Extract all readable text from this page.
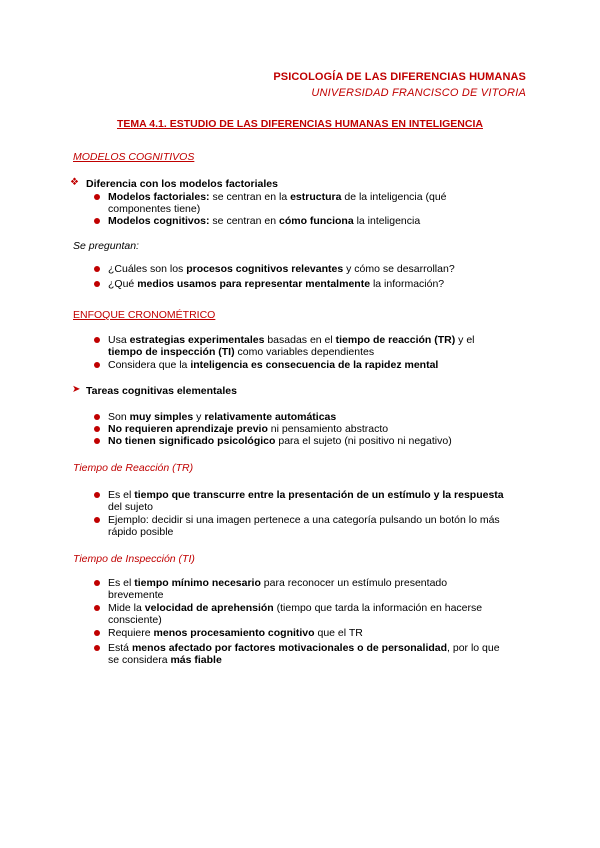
PSICOLOGÍA DE LAS DIFERENCIAS HUMANAS
UNIVERSIDAD FRANCISCO DE VITORIA
TEMA 4.1. ESTUDIO DE LAS DIFERENCIAS HUMANAS EN INTELIGENCIA
MODELOS COGNITIVOS
❖ Diferencia con los modelos factoriales
Modelos factoriales: se centran en la estructura de la inteligencia (qué
componentes tiene)
Modelos cognitivos: se centran en cómo funciona la inteligencia
Se preguntan:
¿Cuáles son los procesos cognitivos relevantes y cómo se desarrollan?
¿Qué medios usamos para representar mentalmente la información?
ENFOQUE CRONOMÉTRICO
Usa estrategias experimentales basadas en el tiempo de reacción (TR) y el
tiempo de inspección (TI) como variables dependientes
Considera que la inteligencia es consecuencia de la rapidez mental
➤ Tareas cognitivas elementales
Son muy simples y relativamente automáticas
No requieren aprendizaje previo ni pensamiento abstracto
No tienen significado psicológico para el sujeto (ni positivo ni negativo)
Tiempo de Reacción (TR)
Es el tiempo que transcurre entre la presentación de un estímulo y la respuesta
del sujeto
Ejemplo: decidir si una imagen pertenece a una categoría pulsando un botón lo más
rápido posible
Tiempo de Inspección (TI)
Es el tiempo mínimo necesario para reconocer un estímulo presentado
brevemente
Mide la velocidad de aprehensión (tiempo que tarda la información en hacerse
consciente)
Requiere menos procesamiento cognitivo que el TR
Está menos afectado por factores motivacionales o de personalidad, por lo que
se considera más fiable
